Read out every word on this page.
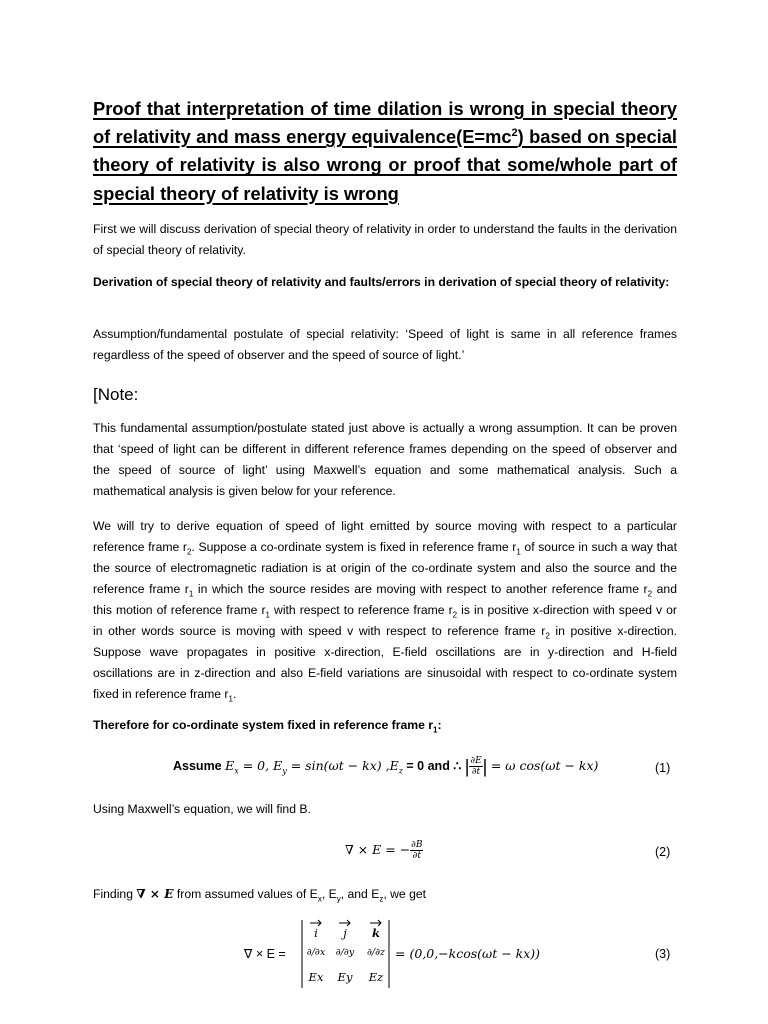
Proof that interpretation of time dilation is wrong in special theory of relativity and mass energy $equivalence(E=mc^2)$ based on special theory of relativity is also wrong or proof that some/whole part of special theory of relativity is wrong
First we will discuss derivation of special theory of relativity in order to understand the faults in the derivation of special theory of relativity.
Derivation of special theory of relativity and faults/errors in derivation of special theory of relativity:
Assumption/fundamental postulate of special relativity: ‘Speed of light is same in all reference frames regardless of the speed of observer and the speed of source of light.’
[Note:
This fundamental assumption/postulate stated just above is actually a wrong assumption. It can be proven that ‘speed of light can be different in different reference frames depending on the speed of observer and the speed of source of light’ using Maxwell’s equation and some mathematical analysis. Such a mathematical analysis is given below for your reference.
We will try to derive equation of speed of light emitted by source moving with respect to a particular reference frame $r_2$. Suppose a co-ordinate system is fixed in reference frame $r_1$ of source in such a way that the source of electromagnetic radiation is at origin of the co-ordinate system and also the source and the reference frame $r_1$ in which the source resides are moving with respect to another reference frame $r_2$ and this motion of reference frame $r_1$ with respect to reference frame $r_2$ is in positive x-direction with speed v or in other words source is moving with speed v with respect to reference frame $r_2$ in positive x-direction. Suppose wave propagates in positive x-direction, E-field oscillations are in y-direction and H-field oscillations are in z-direction and also E-field variations are sinusoidal with respect to co-ordinate system fixed in reference frame $r_1$.
Therefore for co-ordinate system fixed in reference frame $r_1$:
Assume $E_x = 0$, $E_y = \sin(\omega t - kx) ,E_z = 0$ and ∴ | $\frac{\partial E}{\partial t}$ | = ω cos(ωt − kx)	(1)
Using Maxwell’s equation, we will find B.
∇ × E = − $\frac{\partial B}{\partial t}$	(2)
Finding ∇ × E from assumed values of $E_x$, $E_y$, and $E_z$, we get
∇ × E =
i	j	k
∂/∂x	∂/∂y	∂/∂z
Ex	Ey	Ez
= (0,0,−kcos(ωt − kx))	(3)
